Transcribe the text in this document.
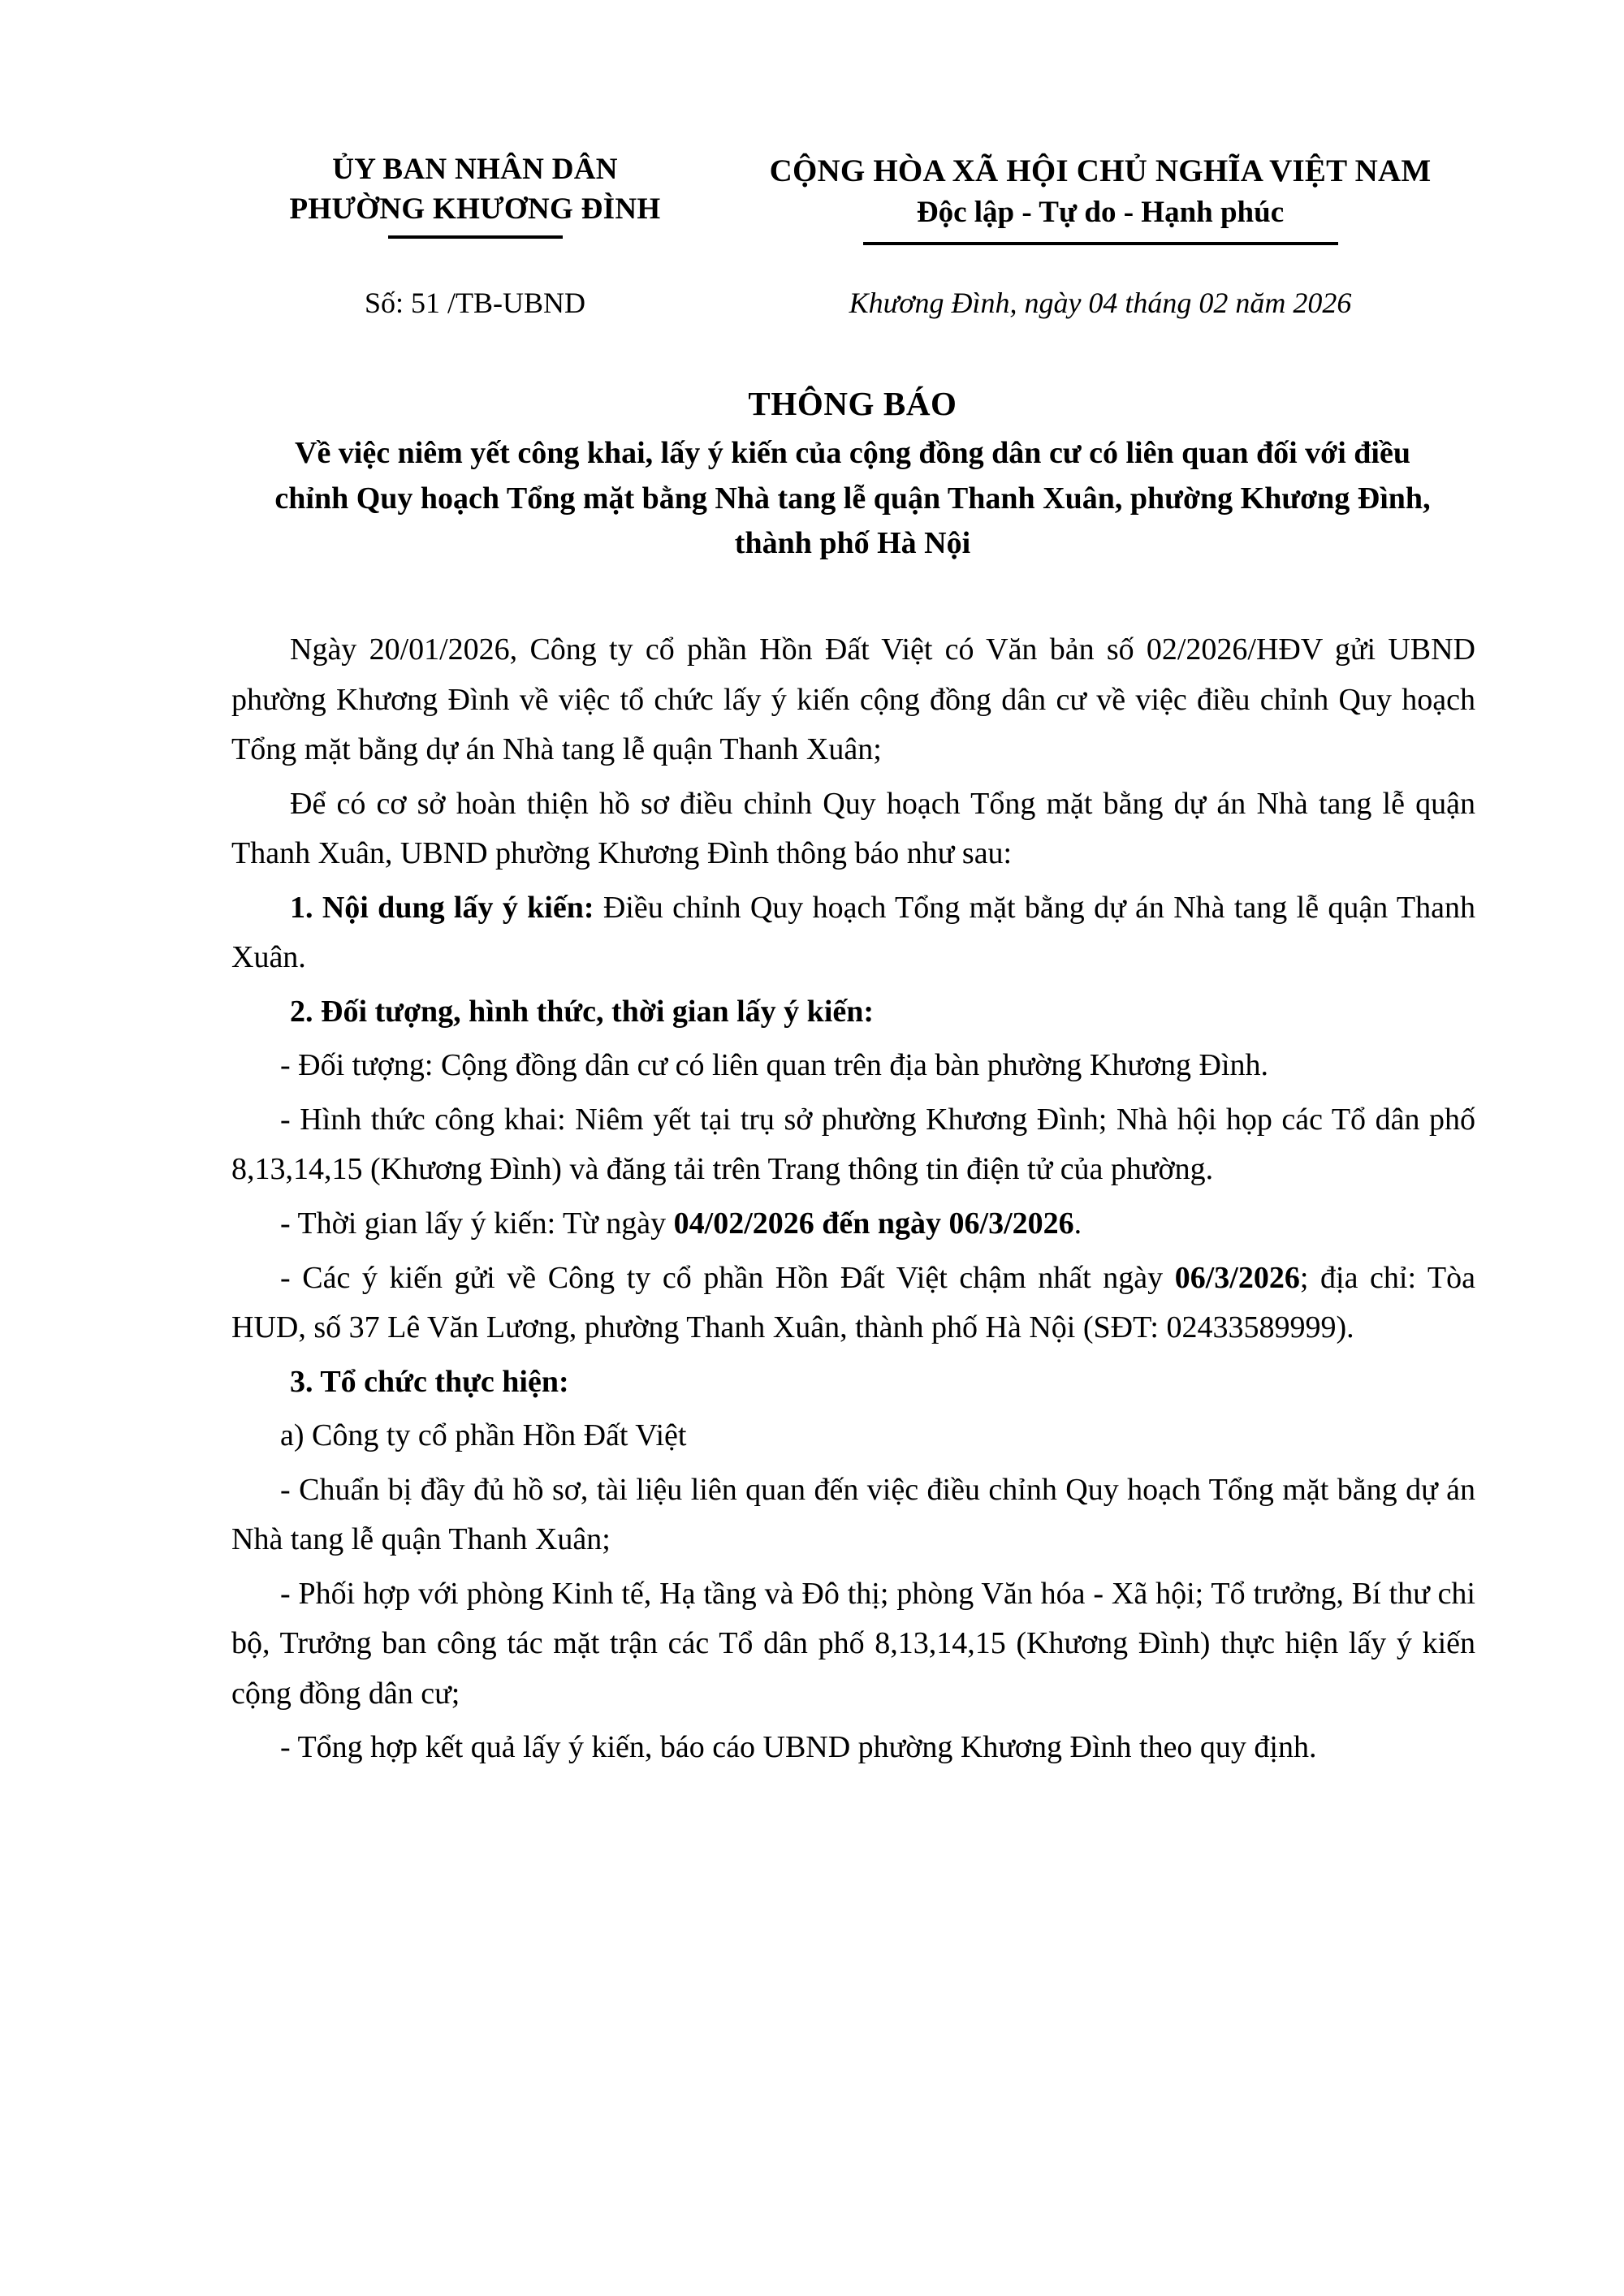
ỦY BAN NHÂN DÂN
PHƯỜNG KHƯƠNG ĐÌNH
CỘNG HÒA XÃ HỘI CHỦ NGHĨA VIỆT NAM
Độc lập - Tự do - Hạnh phúc
Số: 51 /TB-UBND	Khương Đình, ngày 04 tháng 02 năm 2026
THÔNG BÁO
Về việc niêm yết công khai, lấy ý kiến của cộng đồng dân cư có liên quan đối với điều chỉnh Quy hoạch Tổng mặt bằng Nhà tang lễ quận Thanh Xuân, phường Khương Đình, thành phố Hà Nội

Ngày 20/01/2026, Công ty cổ phần Hồn Đất Việt có Văn bản số 02/2026/HĐV gửi UBND phường Khương Đình về việc tổ chức lấy ý kiến cộng đồng dân cư về việc điều chỉnh Quy hoạch Tổng mặt bằng dự án Nhà tang lễ quận Thanh Xuân;

Để có cơ sở hoàn thiện hồ sơ điều chỉnh Quy hoạch Tổng mặt bằng dự án Nhà tang lễ quận Thanh Xuân, UBND phường Khương Đình thông báo như sau:

1. Nội dung lấy ý kiến: Điều chỉnh Quy hoạch Tổng mặt bằng dự án Nhà tang lễ quận Thanh Xuân.

2. Đối tượng, hình thức, thời gian lấy ý kiến:

- Đối tượng: Cộng đồng dân cư có liên quan trên địa bàn phường Khương Đình.

- Hình thức công khai: Niêm yết tại trụ sở phường Khương Đình; Nhà hội họp các Tổ dân phố 8,13,14,15 (Khương Đình) và đăng tải trên Trang thông tin điện tử của phường.

- Thời gian lấy ý kiến: Từ ngày 04/02/2026 đến ngày 06/3/2026.

- Các ý kiến gửi về Công ty cổ phần Hồn Đất Việt chậm nhất ngày 06/3/2026; địa chỉ: Tòa HUD, số 37 Lê Văn Lương, phường Thanh Xuân, thành phố Hà Nội (SĐT: 02433589999).

3. Tổ chức thực hiện:

a) Công ty cổ phần Hồn Đất Việt

- Chuẩn bị đầy đủ hồ sơ, tài liệu liên quan đến việc điều chỉnh Quy hoạch Tổng mặt bằng dự án Nhà tang lễ quận Thanh Xuân;

- Phối hợp với phòng Kinh tế, Hạ tầng và Đô thị; phòng Văn hóa - Xã hội; Tổ trưởng, Bí thư chi bộ, Trưởng ban công tác mặt trận các Tổ dân phố 8,13,14,15 (Khương Đình) thực hiện lấy ý kiến cộng đồng dân cư;

- Tổng hợp kết quả lấy ý kiến, báo cáo UBND phường Khương Đình theo quy định.
